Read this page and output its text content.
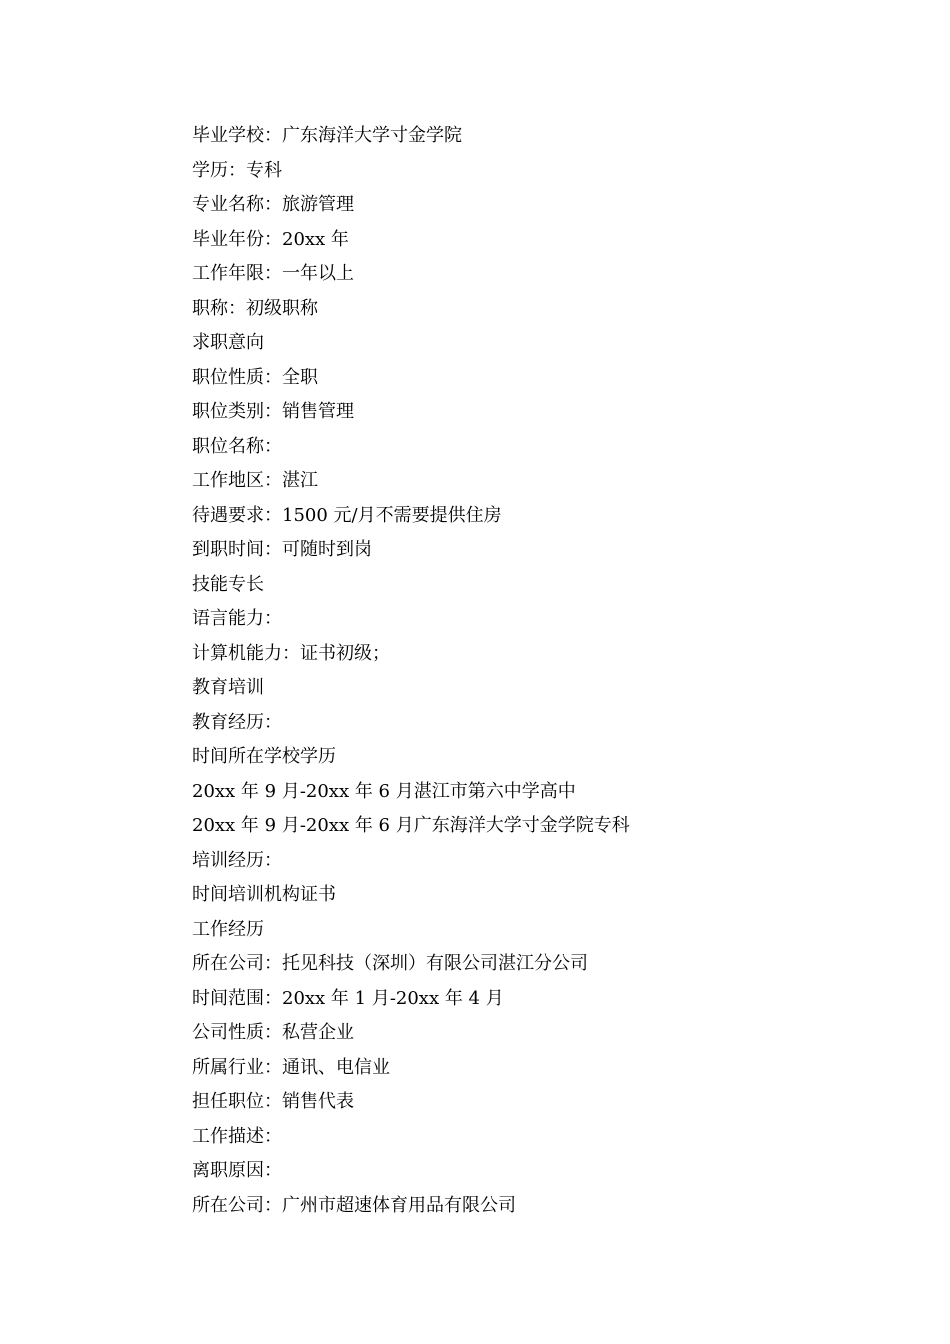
毕业学校：广东海洋大学寸金学院
学历：专科
专业名称：旅游管理
毕业年份：20xx 年
工作年限：一年以上
职称：初级职称
求职意向
职位性质：全职
职位类别：销售管理
职位名称：
工作地区：湛江
待遇要求：1500 元/月不需要提供住房
到职时间：可随时到岗
技能专长
语言能力：
计算机能力：证书初级；
教育培训
教育经历：
时间所在学校学历
20xx 年 9 月-20xx 年 6 月湛江市第六中学高中
20xx 年 9 月-20xx 年 6 月广东海洋大学寸金学院专科
培训经历：
时间培训机构证书
工作经历
所在公司：托见科技（深圳）有限公司湛江分公司
时间范围：20xx 年 1 月-20xx 年 4 月
公司性质：私营企业
所属行业：通讯、电信业
担任职位：销售代表
工作描述：
离职原因：
所在公司：广州市超速体育用品有限公司
